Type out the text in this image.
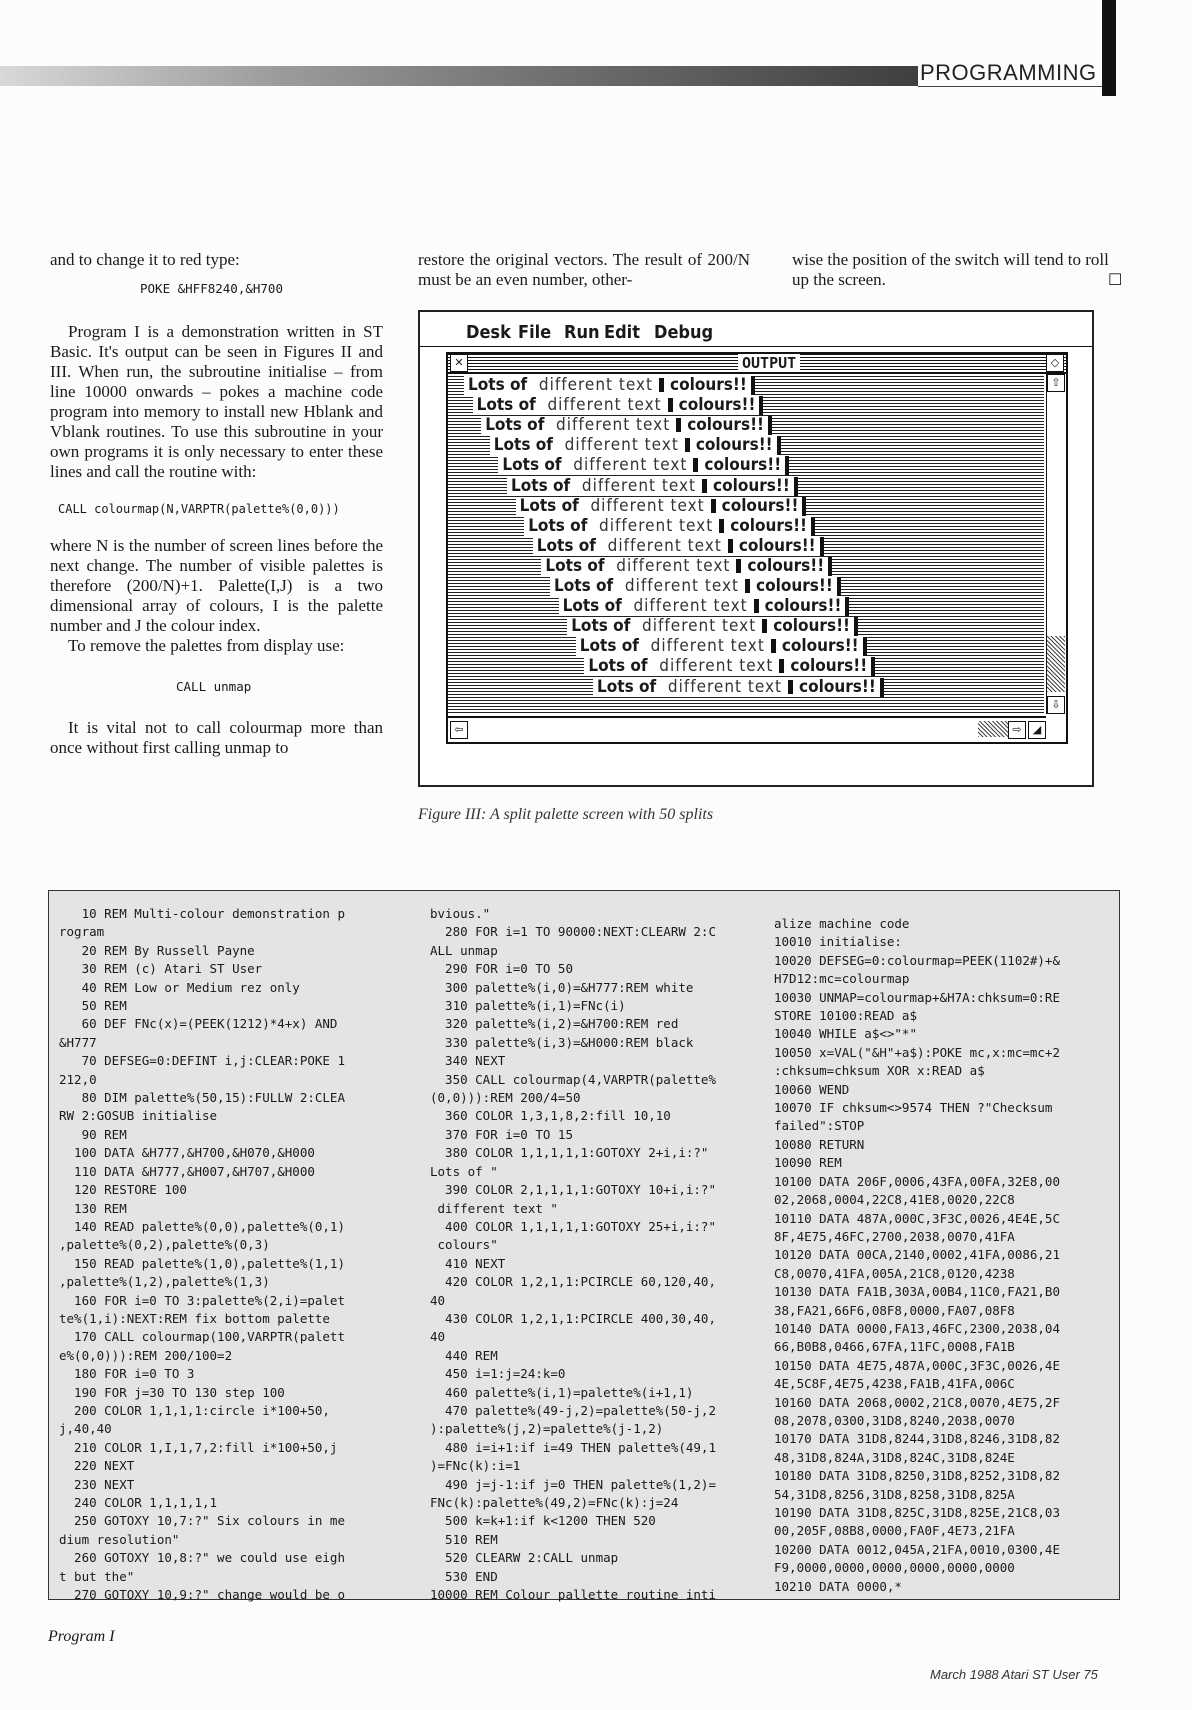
PROGRAMMING

and to change it to red type:

POKE &HFF8240,&H700

Program I is a demonstration written in ST Basic. It's output can be seen in Figures II and III. When run, the subroutine initialise – from line 10000 onwards – pokes a machine code program into memory to install new Hblank and Vblank routines. To use this subroutine in your own programs it is only necessary to enter these lines and call the routine with:

CALL colourmap(N,VARPTR(palette%(0,0)))

where N is the number of screen lines before the next change. The number of visible palettes is therefore (200/N)+1. Palette(I,J) is a two dimensional array of colours, I is the palette number and J the colour index.

To remove the palettes from display use:

CALL unmap

It is vital not to call colourmap more than once without first calling unmap to

restore the original vectors. The result of 200/N must be an even number, other-

wise the position of the switch will tend to roll up the screen.	☐
Desk File Run Edit Debug
✕	OUTPUT	◇
Lots of  different text colours!!
Lots of  different text colours!!
Lots of  different text colours!!
Lots of  different text colours!!
Lots of  different text colours!!
Lots of  different text colours!!
Lots of  different text colours!!
Lots of  different text colours!!
Lots of  different text colours!!
Lots of  different text colours!!
Lots of  different text colours!!
Lots of  different text colours!!
Lots of  different text colours!!
Lots of  different text colours!!
Lots of  different text colours!!
Lots of  different text colours!!
⇧
⇩
⇦	⇨	◢
Figure III: A split palette screen with 50 splits
10 REM Multi-colour demonstration p
rogram
20 REM By Russell Payne
30 REM (c) Atari ST User
40 REM Low or Medium rez only
50 REM
60 DEF FNc(x)=(PEEK(1212)*4+x) AND
&H777
70 DEFSEG=0:DEFINT i,j:CLEAR:POKE 1
212,0
80 DIM palette%(50,15):FULLW 2:CLEA
RW 2:GOSUB initialise
90 REM
100 DATA &H777,&H700,&H070,&H000
110 DATA &H777,&H007,&H707,&H000
120 RESTORE 100
130 REM
140 READ palette%(0,0),palette%(0,1)
,palette%(0,2),palette%(0,3)
150 READ palette%(1,0),palette%(1,1)
,palette%(1,2),palette%(1,3)
160 FOR i=0 TO 3:palette%(2,i)=palet
te%(1,i):NEXT:REM fix bottom palette
170 CALL colourmap(100,VARPTR(palett
e%(0,0))):REM 200/100=2
180 FOR i=0 TO 3
190 FOR j=30 TO 130 step 100
200 COLOR 1,1,1,1:circle i*100+50,
j,40,40
210 COLOR 1,I,1,7,2:fill i*100+50,j
220 NEXT
230 NEXT
240 COLOR 1,1,1,1,1
250 GOTOXY 10,7:?" Six colours in me
dium resolution"
260 GOTOXY 10,8:?" we could use eigh
t but the"
270 GOTOXY 10,9:?" change would be o
bvious."
280 FOR i=1 TO 90000:NEXT:CLEARW 2:C
ALL unmap
290 FOR i=0 TO 50
300 palette%(i,0)=&H777:REM white
310 palette%(i,1)=FNc(i)
320 palette%(i,2)=&H700:REM red
330 palette%(i,3)=&H000:REM black
340 NEXT
350 CALL colourmap(4,VARPTR(palette%
(0,0))):REM 200/4=50
360 COLOR 1,3,1,8,2:fill 10,10
370 FOR i=0 TO 15
380 COLOR 1,1,1,1,1:GOTOXY 2+i,i:?"
Lots of "
390 COLOR 2,1,1,1,1:GOTOXY 10+i,i:?"
different text "
400 COLOR 1,1,1,1,1:GOTOXY 25+i,i:?"
colours"
410 NEXT
420 COLOR 1,2,1,1:PCIRCLE 60,120,40,
40
430 COLOR 1,2,1,1:PCIRCLE 400,30,40,
40
440 REM
450 i=1:j=24:k=0
460 palette%(i,1)=palette%(i+1,1)
470 palette%(49-j,2)=palette%(50-j,2
):palette%(j,2)=palette%(j-1,2)
480 i=i+1:if i=49 THEN palette%(49,1
)=FNc(k):i=1
490 j=j-1:if j=0 THEN palette%(1,2)=
FNc(k):palette%(49,2)=FNc(k):j=24
500 k=k+1:if k<1200 THEN 520
510 REM
520 CLEARW 2:CALL unmap
530 END
10000 REM Colour pallette routine inti
alize machine code
10010 initialise:
10020 DEFSEG=0:colourmap=PEEK(1102#)+&
H7D12:mc=colourmap
10030 UNMAP=colourmap+&H7A:chksum=0:RE
STORE 10100:READ a$
10040 WHILE a$<>"*"
10050 x=VAL("&H"+a$):POKE mc,x:mc=mc+2
:chksum=chksum XOR x:READ a$
10060 WEND
10070 IF chksum<>9574 THEN ?"Checksum
failed":STOP
10080 RETURN
10090 REM
10100 DATA 206F,0006,43FA,00FA,32E8,00
02,2068,0004,22C8,41E8,0020,22C8
10110 DATA 487A,000C,3F3C,0026,4E4E,5C
8F,4E75,46FC,2700,2038,0070,41FA
10120 DATA 00CA,2140,0002,41FA,0086,21
C8,0070,41FA,005A,21C8,0120,4238
10130 DATA FA1B,303A,00B4,11C0,FA21,B0
38,FA21,66F6,08F8,0000,FA07,08F8
10140 DATA 0000,FA13,46FC,2300,2038,04
66,B0B8,0466,67FA,11FC,0008,FA1B
10150 DATA 4E75,487A,000C,3F3C,0026,4E
4E,5C8F,4E75,4238,FA1B,41FA,006C
10160 DATA 2068,0002,21C8,0070,4E75,2F
08,2078,0300,31D8,8240,2038,0070
10170 DATA 31D8,8244,31D8,8246,31D8,82
48,31D8,824A,31D8,824C,31D8,824E
10180 DATA 31D8,8250,31D8,8252,31D8,82
54,31D8,8256,31D8,8258,31D8,825A
10190 DATA 31D8,825C,31D8,825E,21C8,03
00,205F,08B8,0000,FA0F,4E73,21FA
10200 DATA 0012,045A,21FA,0010,0300,4E
F9,0000,0000,0000,0000,0000,0000
10210 DATA 0000,*
Program I
March 1988 Atari ST User 75
